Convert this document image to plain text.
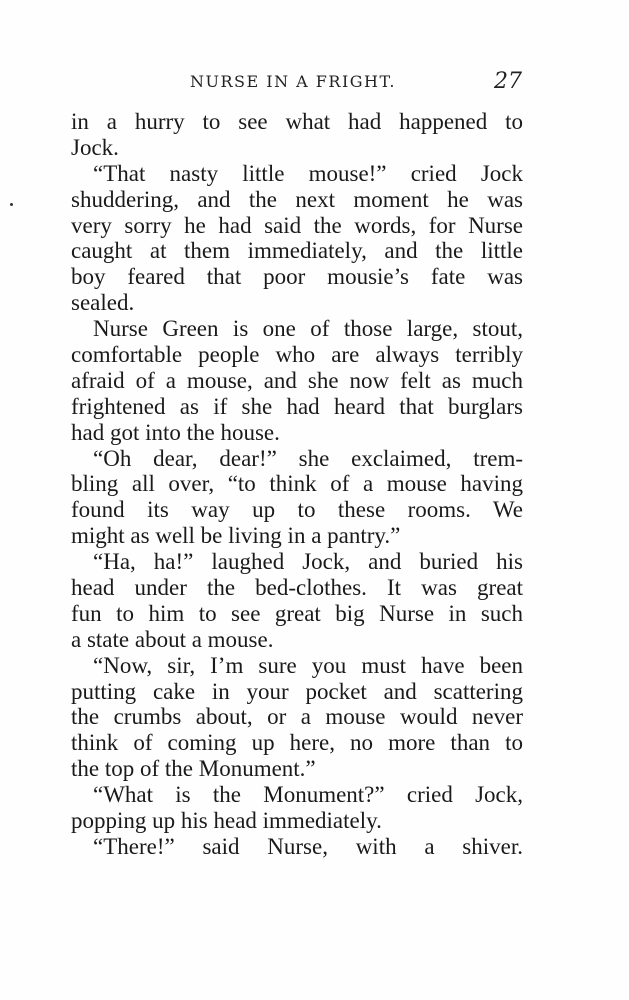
NURSE IN A FRIGHT.	27
in a hurry to see what had happened to
Jock.
“That nasty little mouse!” cried Jock
shuddering, and the next moment he was
very sorry he had said the words, for Nurse
caught at them immediately, and the little
boy feared that poor mousie’s fate was
sealed.
Nurse Green is one of those large, stout,
comfortable people who are always terribly
afraid of a mouse, and she now felt as much
frightened as if she had heard that burglars
had got into the house.
“Oh dear, dear!” she exclaimed, trem-
bling all over, “to think of a mouse having
found its way up to these rooms. We
might as well be living in a pantry.”
“Ha, ha!” laughed Jock, and buried his
head under the bed-clothes. It was great
fun to him to see great big Nurse in such
a state about a mouse.
“Now, sir, I’m sure you must have been
putting cake in your pocket and scattering
the crumbs about, or a mouse would never
think of coming up here, no more than to
the top of the Monument.”
“What is the Monument?” cried Jock,
popping up his head immediately.
“There!” said Nurse, with a shiver.
